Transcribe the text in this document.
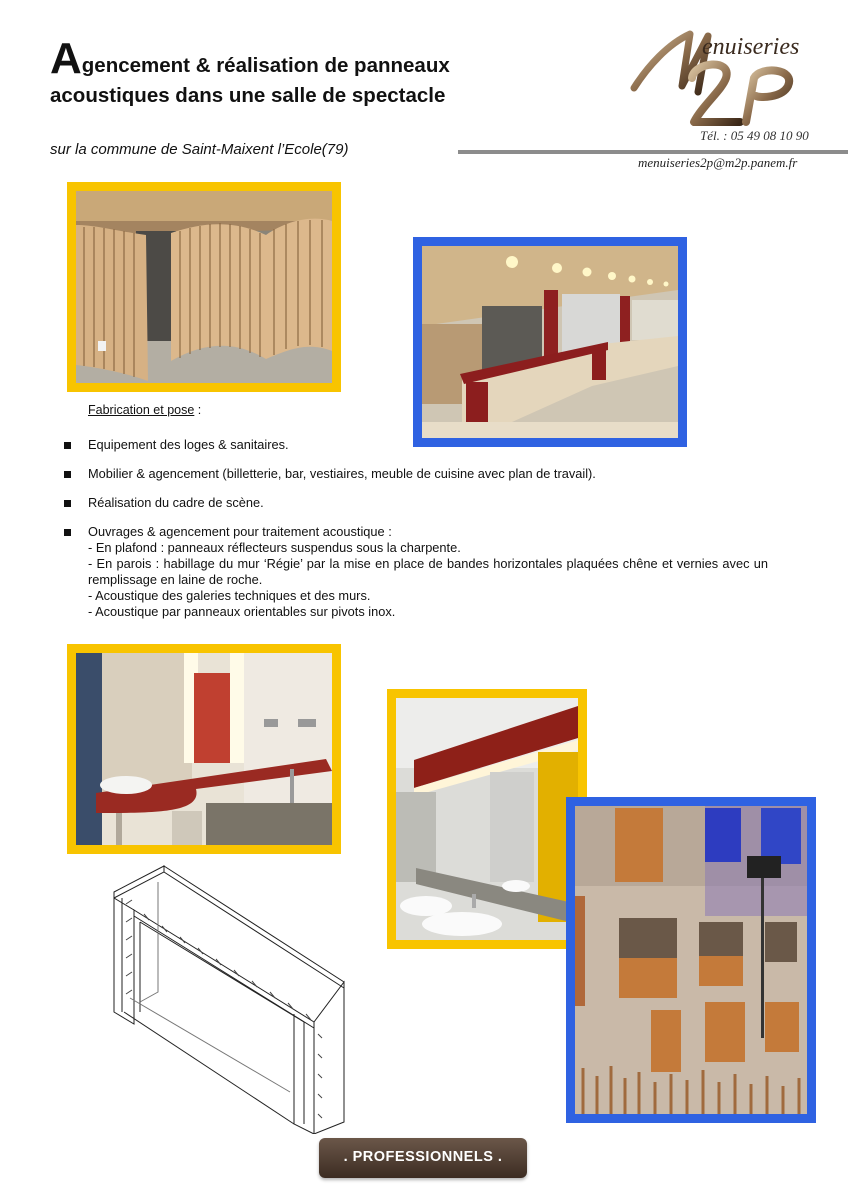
Agencement & réalisation de panneaux
acoustiques dans une salle de spectacle
sur la commune de Saint-Maixent l’Ecole(79)
enuiseries
Tél. : 05 49 08 10 90
menuiseries2p@m2p.panem.fr
Fabrication et pose :
Equipement des loges & sanitaires.
Mobilier & agencement (billetterie, bar, vestiaires, meuble de cuisine avec plan de travail).
Réalisation du cadre de scène.
Ouvrages & agencement pour traitement acoustique :

- En plafond : panneaux réflecteurs suspendus sous la charpente.

- En parois : habillage du mur ‘Régie’ par la mise en place de bandes horizontales plaquées chêne et vernies avec un remplissage en laine de roche.

- Acoustique des galeries techniques et des murs.

- Acoustique par panneaux orientables sur pivots inox.

. PROFESSIONNELS .
